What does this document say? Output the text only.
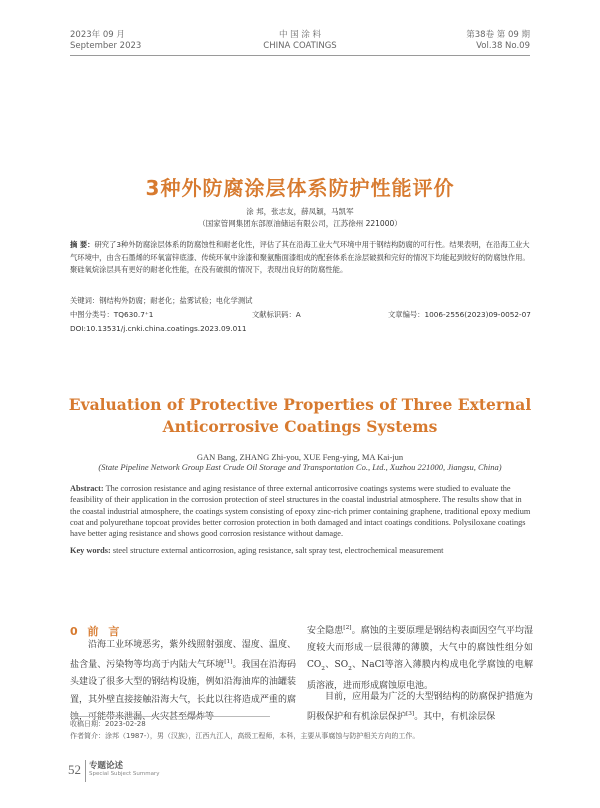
2023年 09 月
September 2023
中 国 涂 料
CHINA COATINGS
第38卷 第 09 期
Vol.38 No.09
3种外防腐涂层体系防护性能评价
涂 邦，张志友，薛凤颖，马凯军
（国家管网集团东部原油储运有限公司，江苏徐州 221000）
摘 要：研究了3种外防腐涂层体系的防腐蚀性和耐老化性，评估了其在沿海工业大气环境中用于钢结构防腐的可行性。结果表明，在沿海工业大气环境中，由含石墨烯的环氧富锌底漆、传统环氧中涂漆和聚氨酯面漆组成的配套体系在涂层破损和完好的情况下均能起到较好的防腐蚀作用。聚硅氧烷涂层具有更好的耐老化性能，在没有破损的情况下，表现出良好的防腐性能。
关键词：钢结构外防腐；耐老化；盐雾试验；电化学测试
中图分类号：TQ630.7⁺1	文献标识码：A	文章编号：1006-2556(2023)09-0052-07
DOI:10.13531/j.cnki.china.coatings.2023.09.011
Evaluation of Protective Properties of Three External
Anticorrosive Coatings Systems
GAN Bang, ZHANG Zhi-you, XUE Feng-ying, MA Kai-jun
(State Pipeline Network Group East Crude Oil Storage and Transportation Co., Ltd., Xuzhou 221000, Jiangsu, China)
Abstract: The corrosion resistance and aging resistance of three external anticorrosive coatings systems were studied to evaluate the feasibility of their application in the corrosion protection of steel structures in the coastal industrial atmosphere. The results show that in the coastal industrial atmosphere, the coatings system consisting of epoxy zinc-rich primer containing graphene, traditional epoxy medium coat and polyurethane topcoat provides better corrosion protection in both damaged and intact coatings conditions. Polysiloxane coatings have better aging resistance and shows good corrosion resistance without damage.
Key words: steel structure external anticorrosion, aging resistance, salt spray test, electrochemical measurement
0 前 言
沿海工业环境恶劣，紫外线照射强度、湿度、温度、盐含量、污染物等均高于内陆大气环境[1]。我国在沿海码头建设了很多大型的钢结构设施，例如沿海油库的油罐装置，其外壁直接接触沿海大气，长此以往将造成严重的腐
安全隐患[2]。腐蚀的主要原理是钢结构表面因空气平均湿度较大而形成一层很薄的薄膜，大气中的腐蚀性组分如$CO_2$、$SO_2$、NaCl等溶入薄膜内构成电化学腐蚀的电解质溶液，进而形成腐蚀原电池。
目前，应用最为广泛的大型钢结构的防腐保护措施为阴极保护和有机涂层保护[3]。其中，有机涂层保
收稿日期：2023-02-28
作者简介：涂邦（1987-），男（汉族），江西九江人，高级工程师，本科，主要从事腐蚀与防护相关方向的工作。
52 专题论述
Special Subject Summary
